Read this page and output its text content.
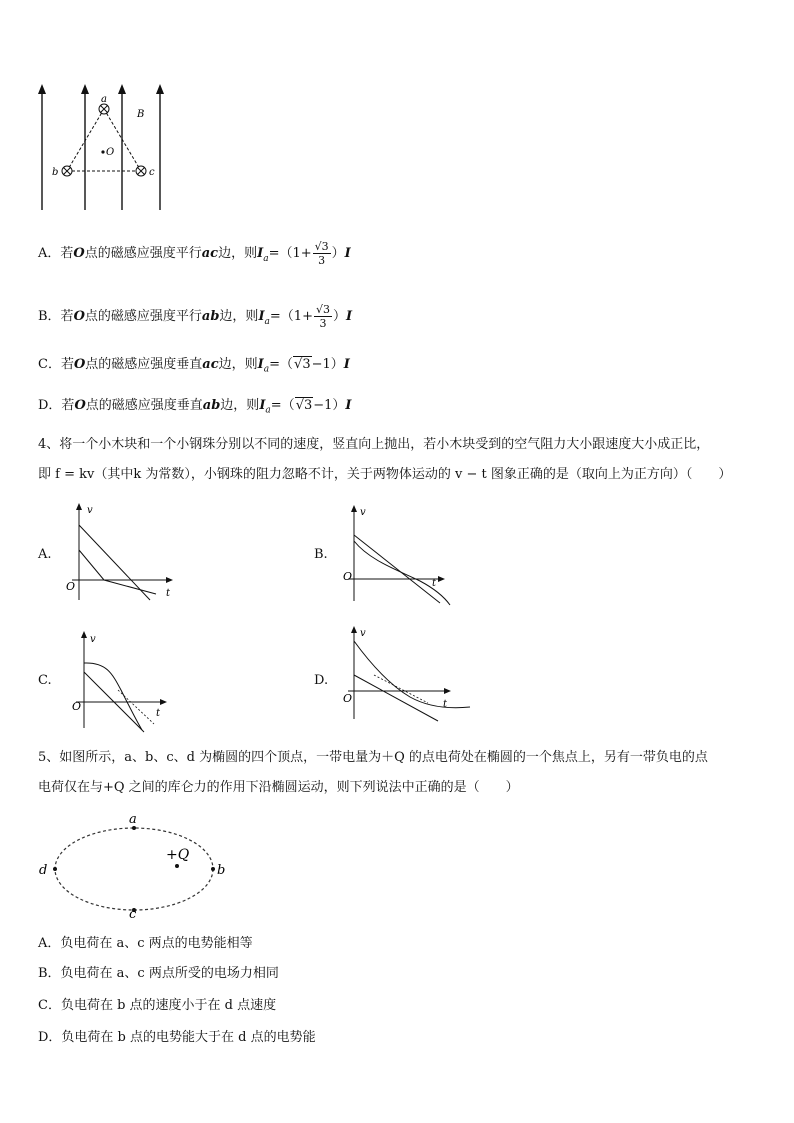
a
b	c
O
B
A．若O点的磁感应强度平行ac边，则$I_a=(1+ \frac{√3}{3} )I$
B．若O点的磁感应强度平行ab边，则$I_a=(1+ \frac{√3}{3} )I$
C．若O点的磁感应强度垂直ac边，则$I_a=(√3-1)I$
D．若O点的磁感应强度垂直ab边，则$I_a=(√3-1)I$
4、将一个小木块和一个小钢珠分别以不同的速度，竖直向上抛出，若小木块受到的空气阻力大小跟速度大小成正比，
即 f = kv（其中k 为常数），小钢珠的阻力忽略不计，关于两物体运动的 v − t 图象正确的是（取向上为正方向）（　　）
A.	B.
C.	D.
v
t
O
v
t
O
v
t
O
v
t
O
5、如图所示，a、b、c、d 为椭圆的四个顶点，一带电量为＋Q 的点电荷处在椭圆的一个焦点上，另有一带负电的点
电荷仅在与+Q 之间的库仑力的作用下沿椭圆运动，则下列说法中正确的是（　　）
a
b
c
d
+Q
A．负电荷在 a、c 两点的电势能相等
B．负电荷在 a、c 两点所受的电场力相同
C．负电荷在 b 点的速度小于在 d 点速度
D．负电荷在 b 点的电势能大于在 d 点的电势能
